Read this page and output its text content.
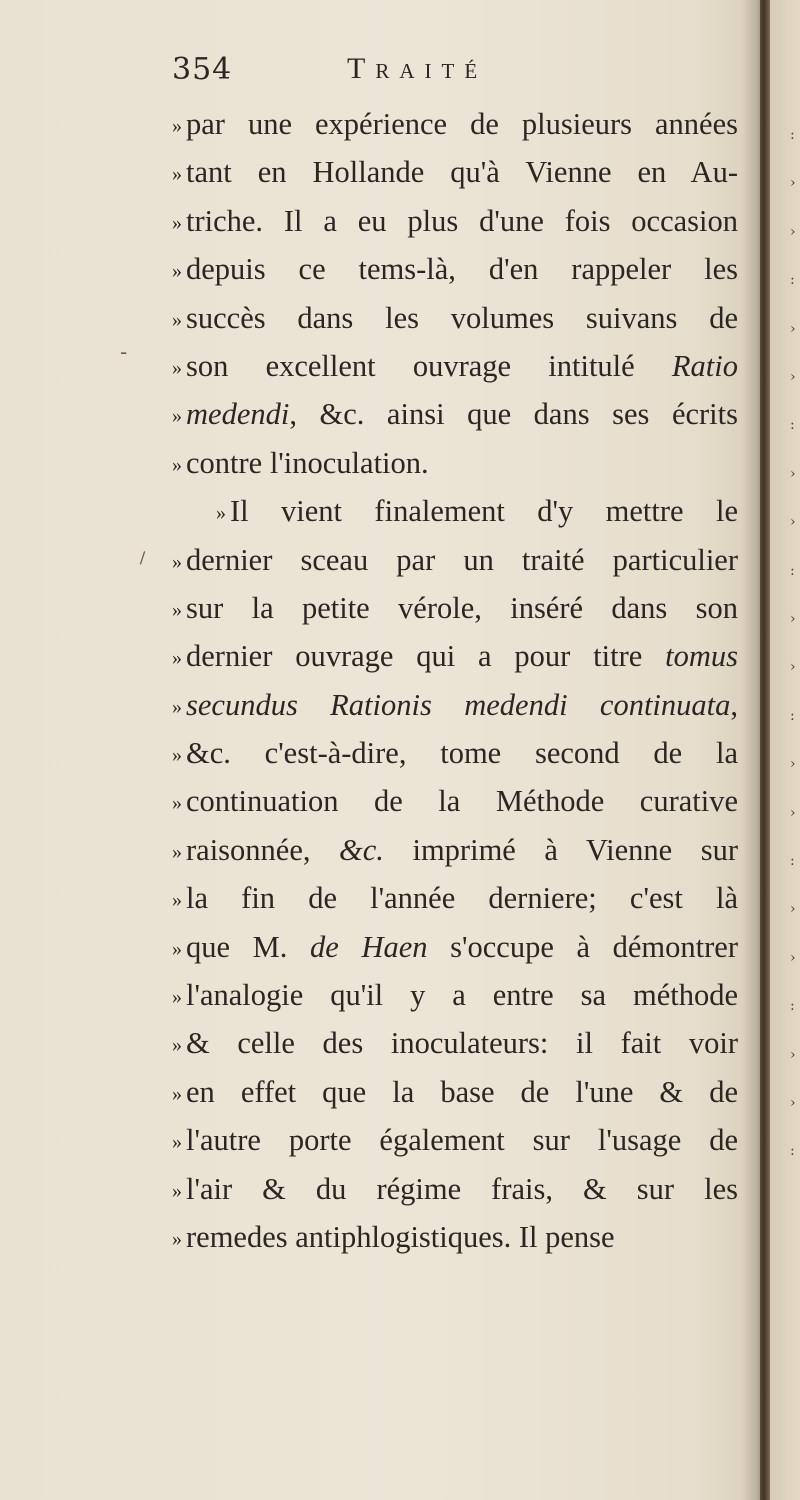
:
›
›
:
›
›
:
›
›
:
›
›
:
›
›
:
›
›
:
›
›
:
354	Traité
» par une expérience de plusieurs années
» tant en Hollande qu'à Vienne en Au-
» triche. Il a eu plus d'une fois occasion
» depuis ce tems-là, d'en rappeler les
» succès dans les volumes suivans de
» son excellent ouvrage intitulé Ratio
» medendi, &c. ainsi que dans ses écrits
» contre l'inoculation.
» Il vient finalement d'y mettre le
» dernier sceau par un traité particulier
» sur la petite vérole, inséré dans son
» dernier ouvrage qui a pour titre tomus
» secundus Rationis medendi continuata,
» &c. c'est-à-dire, tome second de la
» continuation de la Méthode curative
» raisonnée, &c. imprimé à Vienne sur
» la fin de l'année derniere; c'est là
» que M. de Haen s'occupe à démontrer
» l'analogie qu'il y a entre sa méthode
» & celle des inoculateurs: il fait voir
» en effet que la base de l'une & de
» l'autre porte également sur l'usage de
» l'air & du régime frais, & sur les
» remedes antiphlogistiques. Il pense
-
\
